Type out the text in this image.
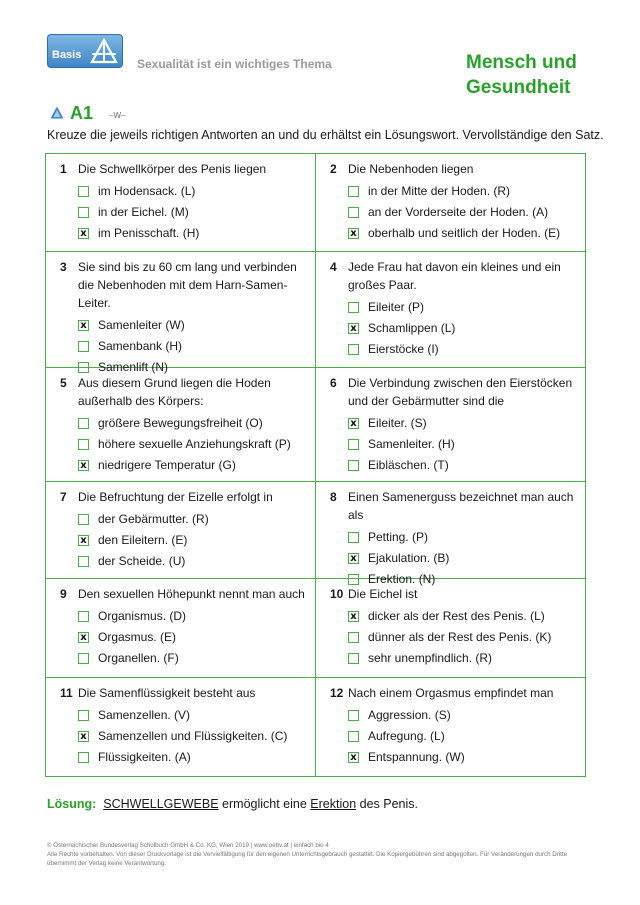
Basis
Sexualität ist ein wichtiges Thema	Mensch und
Gesundheit
A1 –W–
Kreuze die jeweils richtigen Antworten an und du erhältst ein Lösungswort. Vervollständige den Satz.
1 Die Schwellkörper des Penis liegen
im Hodensack. (L)
in der Eichel. (M)
x im Penisschaft. (H)
2 Die Nebenhoden liegen
in der Mitte der Hoden. (R)
an der Vorderseite der Hoden. (A)
x oberhalb und seitlich der Hoden. (E)
3 Sie sind bis zu 60 cm lang und verbinden die Nebenhoden mit dem Harn-Samen-Leiter.
x Samenleiter (W)
Samenbank (H)
Samenlift (N)
4 Jede Frau hat davon ein kleines und ein großes Paar.
Eileiter (P)
x Schamlippen (L)
Eierstöcke (I)
5 Aus diesem Grund liegen die Hoden außerhalb des Körpers:
größere Bewegungsfreiheit (O)
höhere sexuelle Anziehungskraft (P)
x niedrigere Temperatur (G)
6 Die Verbindung zwischen den Eierstöcken und der Gebärmutter sind die
x Eileiter. (S)
Samenleiter. (H)
Eibläschen. (T)
7 Die Befruchtung der Eizelle erfolgt in
der Gebärmutter. (R)
x den Eileitern. (E)
der Scheide. (U)
8 Einen Samenerguss bezeichnet man auch als
Petting. (P)
x Ejakulation. (B)
Erektion. (N)
9 Den sexuellen Höhepunkt nennt man auch
Organismus. (D)
x Orgasmus. (E)
Organellen. (F)
10 Die Eichel ist
x dicker als der Rest des Penis. (L)
dünner als der Rest des Penis. (K)
sehr unempfindlich. (R)
11 Die Samenflüssigkeit besteht aus
Samenzellen. (V)
x Samenzellen und Flüssigkeiten. (C)
Flüssigkeiten. (A)
12 Nach einem Orgasmus empfindet man
Aggression. (S)
Aufregung. (L)
x Entspannung. (W)
Lösung: SCHWELLGEWEBE ermöglicht eine Erektion des Penis.
© Österreichischer Bundesverlag Schulbuch GmbH & Co. KG, Wien 2019 | www.oebv.at | einfach bio 4
Alle Rechte vorbehalten. Von dieser Druckvorlage ist die Vervielfältigung für den eigenen Unterrichtsgebrauch gestattet. Die Kopiergebühren sind abgegolten. Für Veränderungen durch Dritte übernimmt der Verlag keine Verantwortung.
